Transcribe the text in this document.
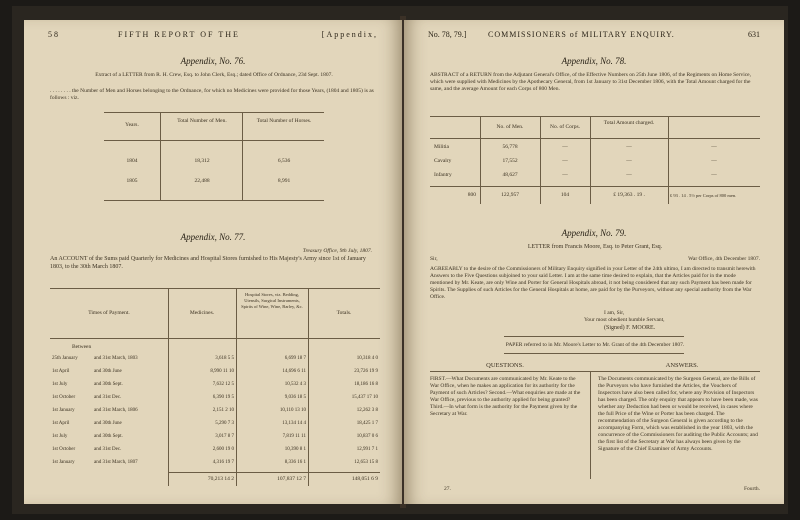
58	FIFTH REPORT OF THE	[Appendix,
Appendix, No. 76.
Extract of a LETTER from R. H. Crew, Esq. to John Clerk, Esq.; dated Office of Ordnance, 23d Sept. 1807.
. . . . . . . . the Number of Men and Horses belonging to the Ordnance, for which no Medicines were provided for those Years, (1804 and 1805) is as follows : viz.
Years.
Total Number of Men.	Total Number of Horses.
1804	18,312	6,536
1805	22,488	8,991
Appendix, No. 77.
Treasury Office, 9th July, 1807.
An ACCOUNT of the Sums paid Quarterly for Medicines and Hospital Stores furnished to His Majesty's Army since 1st of January 1803, to the 30th March 1807.
Times of Payment.	Medicines.
Hospital Stores, viz. Bedding, Utensils, Surgical Instruments, Spirits of Wine, Wine, Barley, &c.
Totals.
Between
25th January	and 31st March, 1803	3,618 5 5	6,699 18 7	10,318 4 0
1st April	and 30th June	8,990 11 10	14,696 6 11	23,726 19 9
1st July	and 30th Sept.	7,632 12 5	10,532 4 3	18,186 16 8
1st October	and 31st Dec.	6,390 19 5	9,036 18 5	15,437 17 10
1st January	and 31st March, 1806	2,151 2 10	10,110 13 10	12,262 3 8
1st April	and 30th June	5,290 7 3	13,134 14 4	18,425 1 7
1st July	and 30th Sept.	3,017 8 7	7,819 11 11	10,837 0 6
1st October	and 31st Dec.	2,600 19 0	10,390 8 1	12,991 7 1
1st January	and 31st March, 1807	4,316 19 7	8,336 16 1	12,653 15 8
70,213 14 2	107,837 12 7	148,051 6 9
No. 78, 79.]	COMMISSIONERS of MILITARY ENQUIRY.	631
Appendix, No. 78.
ABSTRACT of a RETURN from the Adjutant General's Office, of the Effective Numbers on 25th June 1806, of the Regiments on Home Service, which were supplied with Medicines by the Apothecary General, from 1st January to 31st December 1806, with the Total Amount charged for the same, and the average Amount for each Corps of 800 Men.
No. of Men.	No. of Corps.
Total Amount charged.
Militia	56,778	—	—	—
Cavalry	17,552	—	—	—
Infantry	48,627	—	—	—
800	122,957	104	£ 19,363 . 19 .	£ 93 . 14 . 5½ per Corps of 800 men.
Appendix, No. 79.
LETTER from Francis Moore, Esq. to Peter Grant, Esq.
Sir,	War Office, 4th December 1807.
AGREEABLY to the desire of the Commissioners of Military Enquiry signified in your Letter of the 24th ultimo, I am directed to transmit herewith Answers to the Five Questions subjoined to your said Letter. I am at the same time desired to explain, that the Articles paid for in the mode mentioned by Mr. Keate, are only Wine and Porter for General Hospitals abroad, it not being considered that any such Payment has been made for Spirits. The Supplies of such Articles for the General Hospitals at home, are paid for by the Purveyors, without any special authority from the War Office.
I am, Sir,
Your most obedient humble Servant,
(Signed) F. MOORE.
PAPER referred to in Mr. Moore's Letter to Mr. Grant of the 4th December 1807.
QUESTIONS.	ANSWERS.
FIRST.—What Documents are communicated by Mr. Keate to the War Office, when he makes an application for its authority for the Payment of such Articles? Second.—What enquiries are made at the War Office, previous to the authority applied for being granted? Third.—In what form is the authority for the Payment given by the Secretary at War.
The Documents communicated by the Surgeon General, are the Bills of the Purveyors who have furnished the Articles, the Vouchers of Inspectors have also been called for, where any Provision of Inspectors has been charged. The only enquiry that appears to have been made, was whether any Deduction had been or would be received, in cases where the full Price of the Wine or Porter has been charged. The recommendation of the Surgeon General is given according to the accompanying Form, which was established in the year 1803, with the concurrence of the Commissioners for auditing the Public Accounts; and the first list of the Secretary at War has always been given by the Signature of the Chief Examiner of Army Accounts.
27.	Fourth.
